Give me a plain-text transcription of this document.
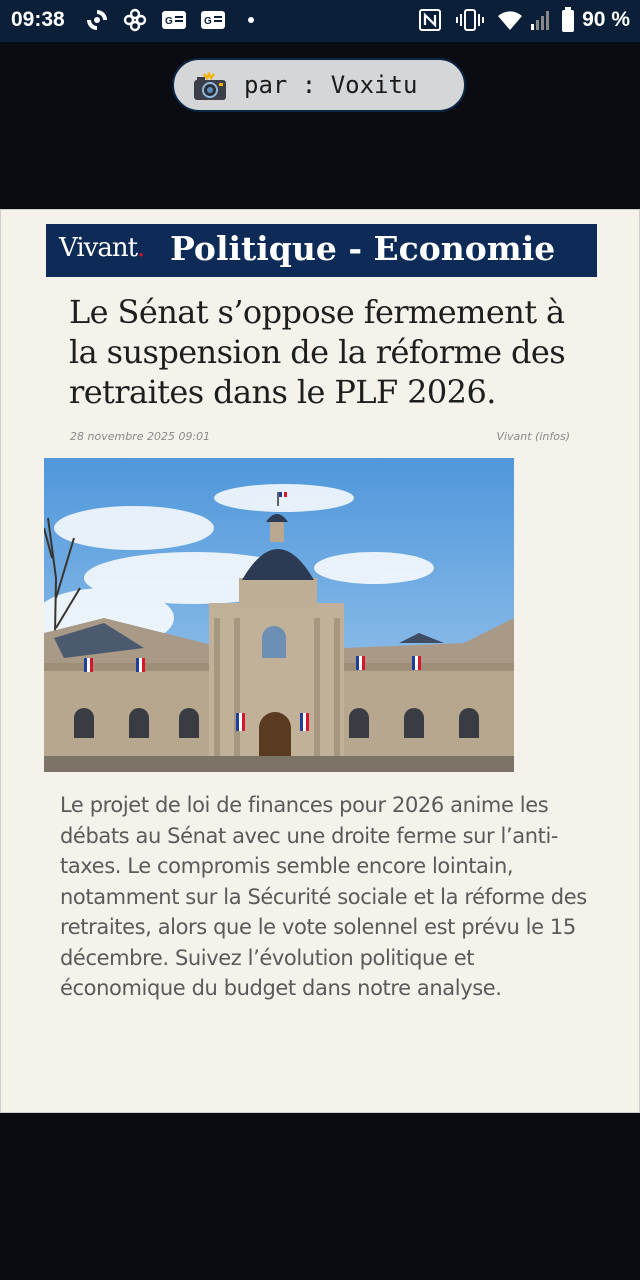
09:38	G	G	90 %
par : Voxitu
Vivant. Politique - Economie
Le Sénat s’oppose fermement à la suspension de la réforme des retraites dans le PLF 2026.
28 novembre 2025 09:01	Vivant (infos)

Le projet de loi de finances pour 2026 anime les débats au Sénat avec une droite ferme sur l’anti-taxes. Le compromis semble encore lointain, notamment sur la Sécurité sociale et la réforme des retraites, alors que le vote solennel est prévu le 15 décembre. Suivez l’évolution politique et économique du budget dans notre analyse.
